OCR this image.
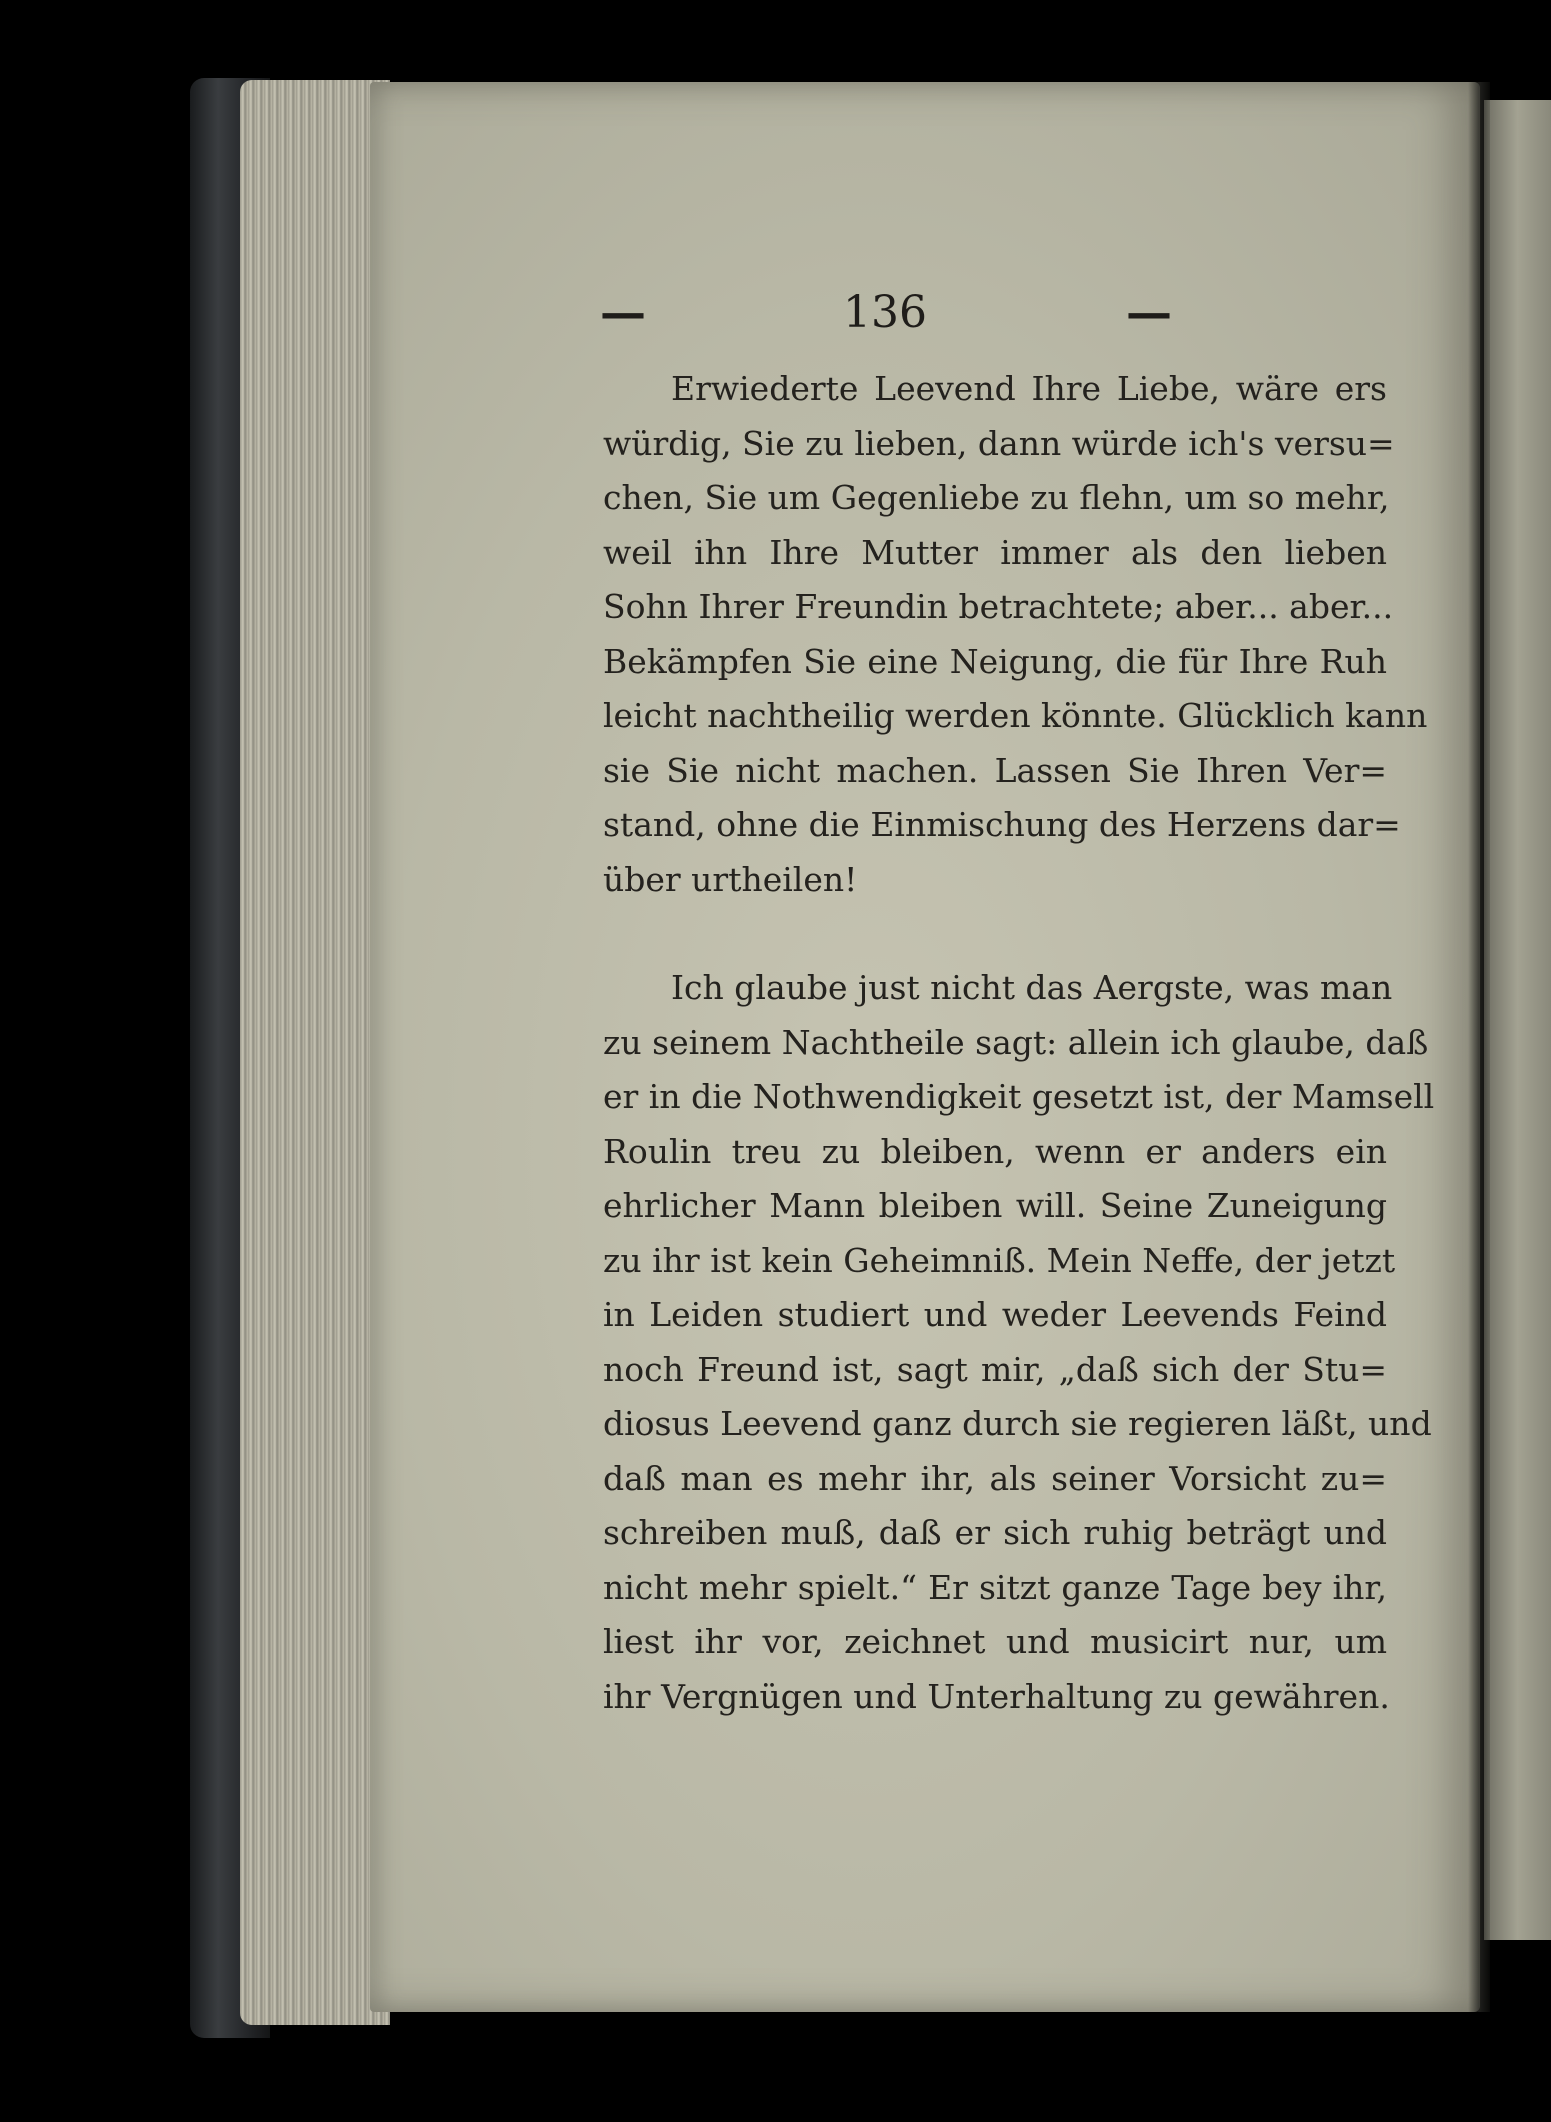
—	136	—
Erwiederte Leevend Ihre Liebe, wäre ers
würdig, Sie zu lieben, dann würde ich's versu=
chen, Sie um Gegenliebe zu flehn, um so mehr,
weil ihn Ihre Mutter immer als den lieben
Sohn Ihrer Freundin betrachtete; aber... aber...
Bekämpfen Sie eine Neigung, die für Ihre Ruh
leicht nachtheilig werden könnte. Glücklich kann
sie Sie nicht machen. Lassen Sie Ihren Ver=
stand, ohne die Einmischung des Herzens dar=
über urtheilen!
Ich glaube just nicht das Aergste, was man
zu seinem Nachtheile sagt: allein ich glaube, daß
er in die Nothwendigkeit gesetzt ist, der Mamsell
Roulin treu zu bleiben, wenn er anders ein
ehrlicher Mann bleiben will. Seine Zuneigung
zu ihr ist kein Geheimniß. Mein Neffe, der jetzt
in Leiden studiert und weder Leevends Feind
noch Freund ist, sagt mir, „daß sich der Stu=
diosus Leevend ganz durch sie regieren läßt, und
daß man es mehr ihr, als seiner Vorsicht zu=
schreiben muß, daß er sich ruhig beträgt und
nicht mehr spielt.“ Er sitzt ganze Tage bey ihr,
liest ihr vor, zeichnet und musicirt nur, um
ihr Vergnügen und Unterhaltung zu gewähren.
